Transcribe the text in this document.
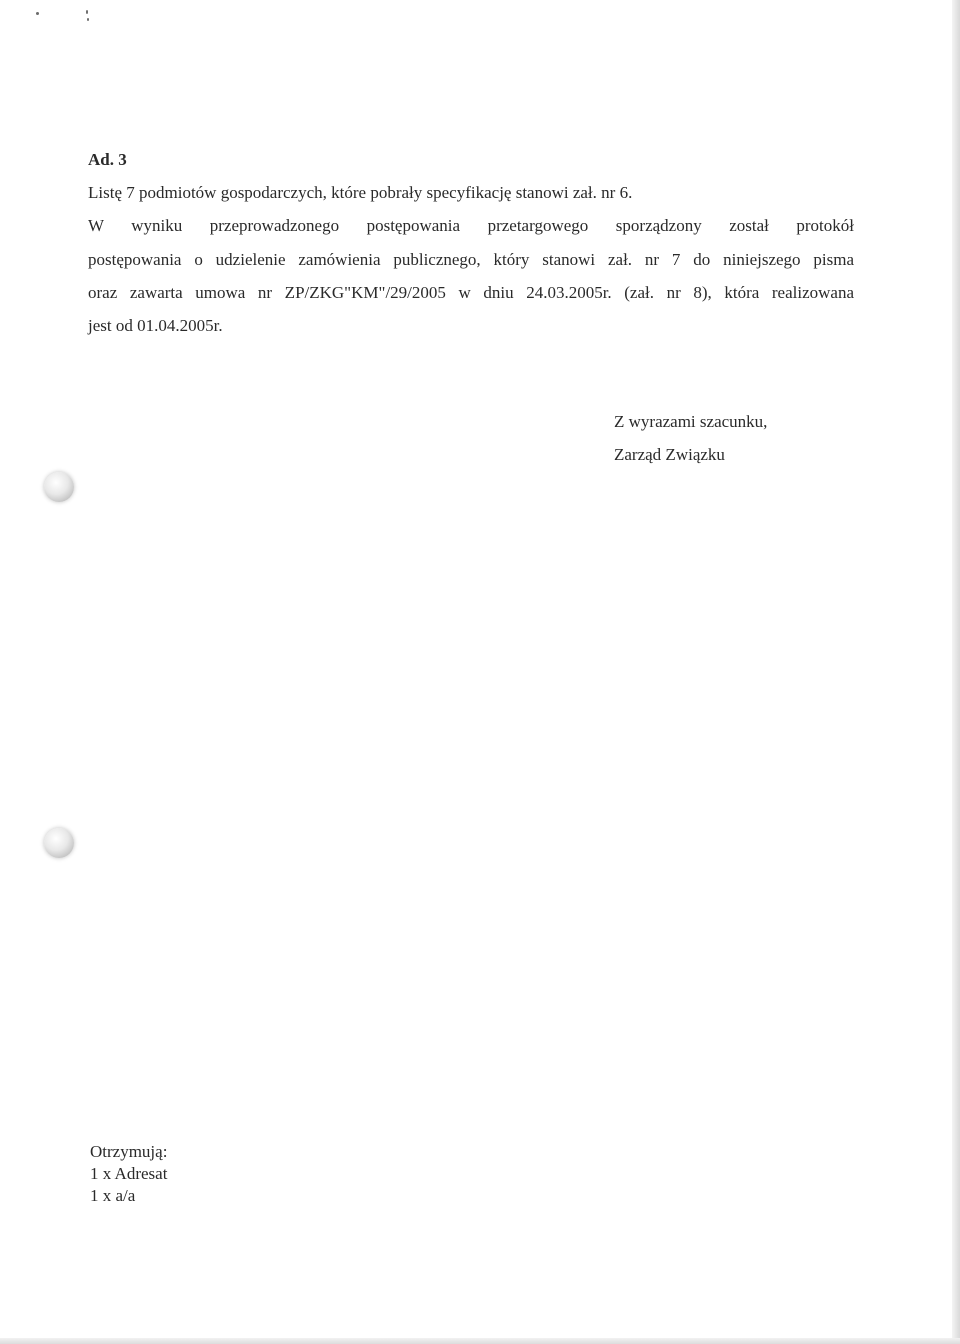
Ad. 3

Listę 7 podmiotów gospodarczych, które pobrały specyfikację stanowi zał. nr 6.

W wyniku przeprowadzonego postępowania przetargowego sporządzony został protokół

postępowania o udzielenie zamówienia publicznego, który stanowi zał. nr 7 do niniejszego pisma

oraz zawarta umowa nr ZP/ZKG"KM"/29/2005 w dniu 24.03.2005r. (zał. nr 8), która realizowana

jest od 01.04.2005r.

Z wyrazami szacunku,

Zarząd Związku

Otrzymują:

1 x Adresat

1 x a/a
